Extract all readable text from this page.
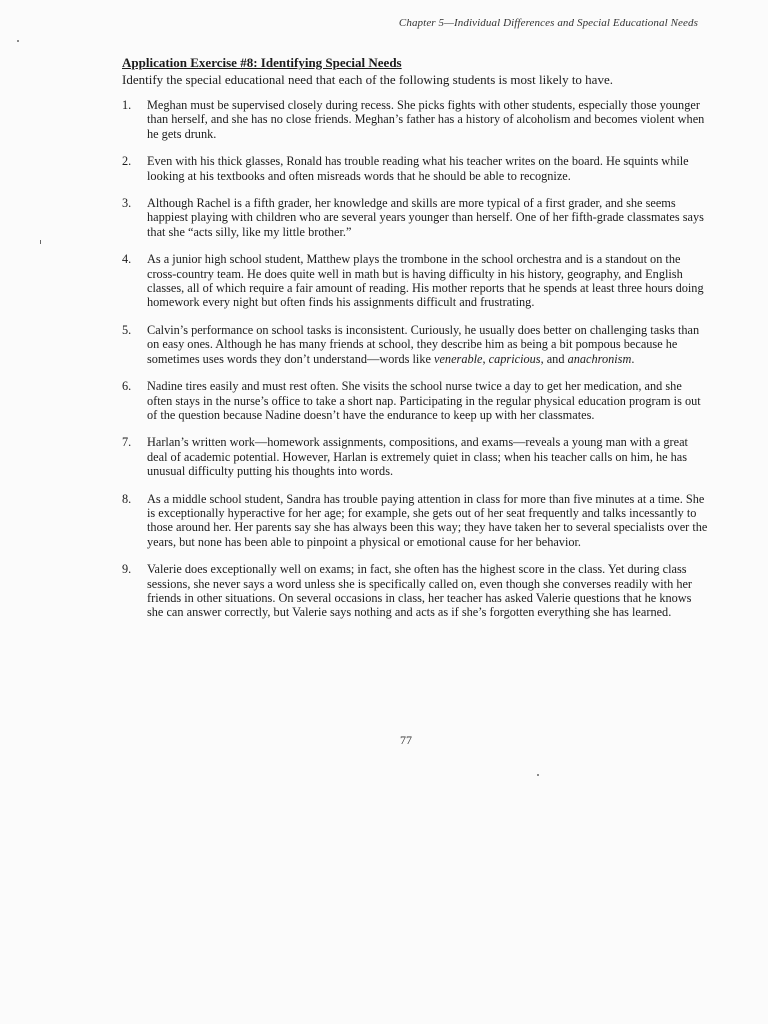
Chapter 5—Individual Differences and Special Educational Needs
Application Exercise #8: Identifying Special Needs

Identify the special educational need that each of the following students is most likely to have.

1. Meghan must be supervised closely during recess. She picks fights with other students, especially those younger than herself, and she has no close friends. Meghan’s father has a history of alcoholism and becomes violent when he gets drunk.
2. Even with his thick glasses, Ronald has trouble reading what his teacher writes on the board. He squints while looking at his textbooks and often misreads words that he should be able to recognize.
3. Although Rachel is a fifth grader, her knowledge and skills are more typical of a first grader, and she seems happiest playing with children who are several years younger than herself. One of her fifth-grade classmates says that she “acts silly, like my little brother.”
4. As a junior high school student, Matthew plays the trombone in the school orchestra and is a standout on the cross-country team. He does quite well in math but is having difficulty in his history, geography, and English classes, all of which require a fair amount of reading. His mother reports that he spends at least three hours doing homework every night but often finds his assignments difficult and frustrating.
5. Calvin’s performance on school tasks is inconsistent. Curiously, he usually does better on challenging tasks than on easy ones. Although he has many friends at school, they describe him as being a bit pompous because he sometimes uses words they don’t understand—words like venerable, capricious, and anachronism.
6. Nadine tires easily and must rest often. She visits the school nurse twice a day to get her medication, and she often stays in the nurse’s office to take a short nap. Participating in the regular physical education program is out of the question because Nadine doesn’t have the endurance to keep up with her classmates.
7. Harlan’s written work—homework assignments, compositions, and exams—reveals a young man with a great deal of academic potential. However, Harlan is extremely quiet in class; when his teacher calls on him, he has unusual difficulty putting his thoughts into words.
8. As a middle school student, Sandra has trouble paying attention in class for more than five minutes at a time. She is exceptionally hyperactive for her age; for example, she gets out of her seat frequently and talks incessantly to those around her. Her parents say she has always been this way; they have taken her to several specialists over the years, but none has been able to pinpoint a physical or emotional cause for her behavior.
9. Valerie does exceptionally well on exams; in fact, she often has the highest score in the class. Yet during class sessions, she never says a word unless she is specifically called on, even though she converses readily with her friends in other situations. On several occasions in class, her teacher has asked Valerie questions that he knows she can answer correctly, but Valerie says nothing and acts as if she’s forgotten everything she has learned.
77
